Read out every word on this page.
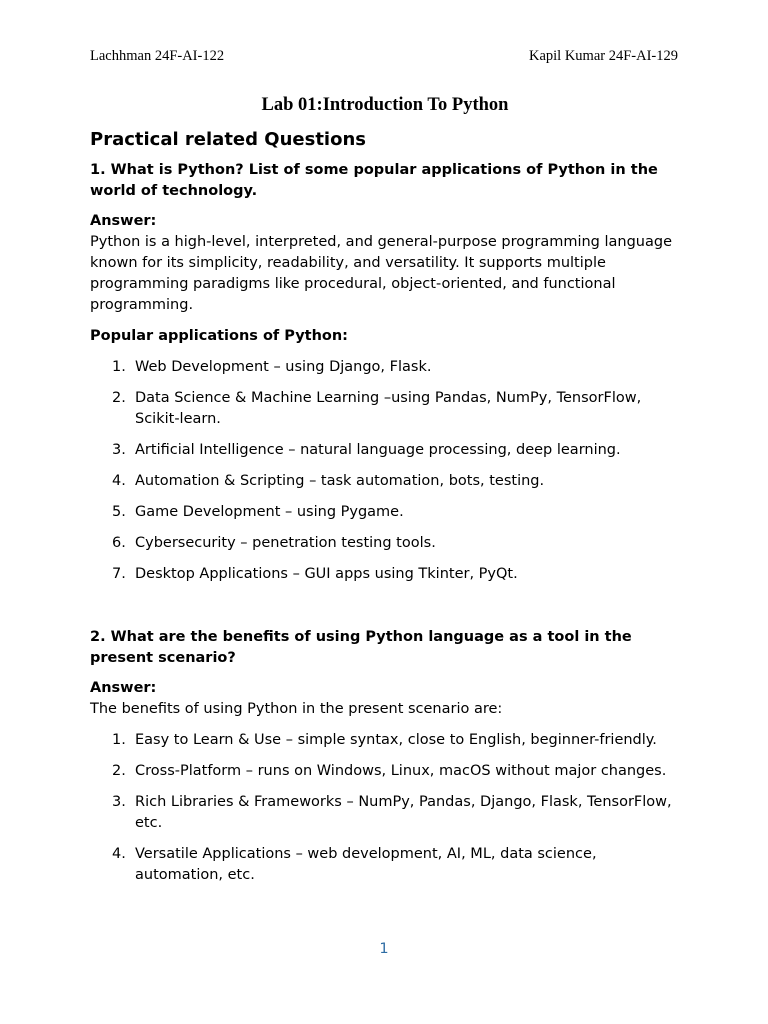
Lachhman 24F-AI-122	Kapil Kumar 24F-AI-129
Lab 01:Introduction To Python
Practical related Questions

1. What is Python? List of some popular applications of Python in the world of technology.

Answer:

Python is a high-level, interpreted, and general-purpose programming language known for its simplicity, readability, and versatility. It supports multiple programming paradigms like procedural, object-oriented, and functional programming.

Popular applications of Python:

1. Web Development – using Django, Flask.
2. Data Science & Machine Learning –using Pandas, NumPy, TensorFlow, Scikit-learn.
3. Artificial Intelligence – natural language processing, deep learning.
4. Automation & Scripting – task automation, bots, testing.
5. Game Development – using Pygame.
6. Cybersecurity – penetration testing tools.
7. Desktop Applications – GUI apps using Tkinter, PyQt.

2. What are the benefits of using Python language as a tool in the present scenario?

Answer:

The benefits of using Python in the present scenario are:

1. Easy to Learn & Use – simple syntax, close to English, beginner-friendly.
2. Cross-Platform – runs on Windows, Linux, macOS without major changes.
3. Rich Libraries & Frameworks – NumPy, Pandas, Django, Flask, TensorFlow, etc.
4. Versatile Applications – web development, AI, ML, data science, automation, etc.
1
